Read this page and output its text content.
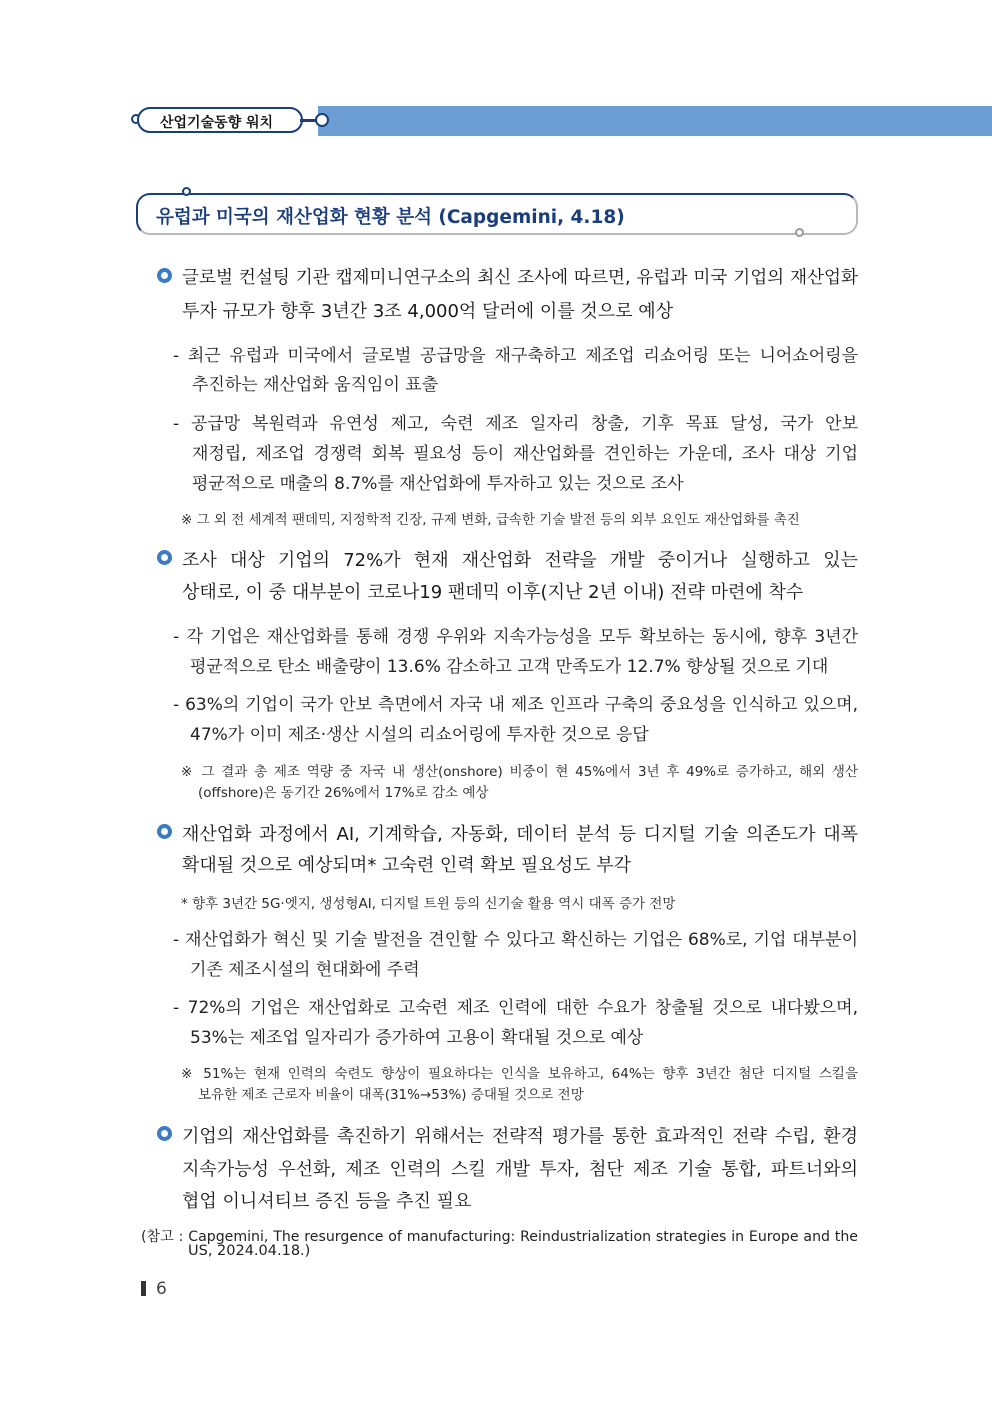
산업기술동향 워치
유럽과 미국의 재산업화 현황 분석 (Capgemini, 4.18)
글로벌 컨설팅 기관 캡제미니연구소의 최신 조사에 따르면, 유럽과 미국 기업의 재산업화
투자 규모가 향후 3년간 3조 4,000억 달러에 이를 것으로 예상
- 최근 유럽과 미국에서 글로벌 공급망을 재구축하고 제조업 리쇼어링 또는 니어쇼어링을
추진하는 재산업화 움직임이 표출
- 공급망 복원력과 유연성 제고, 숙련 제조 일자리 창출, 기후 목표 달성, 국가 안보
재정립, 제조업 경쟁력 회복 필요성 등이 재산업화를 견인하는 가운데, 조사 대상 기업
평균적으로 매출의 8.7%를 재산업화에 투자하고 있는 것으로 조사
※ 그 외 전 세계적 팬데믹, 지정학적 긴장, 규제 변화, 급속한 기술 발전 등의 외부 요인도 재산업화를 촉진
조사 대상 기업의 72%가 현재 재산업화 전략을 개발 중이거나 실행하고 있는
상태로, 이 중 대부분이 코로나19 팬데믹 이후(지난 2년 이내) 전략 마련에 착수
- 각 기업은 재산업화를 통해 경쟁 우위와 지속가능성을 모두 확보하는 동시에, 향후 3년간
평균적으로 탄소 배출량이 13.6% 감소하고 고객 만족도가 12.7% 향상될 것으로 기대
- 63%의 기업이 국가 안보 측면에서 자국 내 제조 인프라 구축의 중요성을 인식하고 있으며,
47%가 이미 제조·생산 시설의 리쇼어링에 투자한 것으로 응답
※ 그 결과 총 제조 역량 중 자국 내 생산(onshore) 비중이 현 45%에서 3년 후 49%로 증가하고, 해외 생산
(offshore)은 동기간 26%에서 17%로 감소 예상
재산업화 과정에서 AI, 기계학습, 자동화, 데이터 분석 등 디지털 기술 의존도가 대폭
확대될 것으로 예상되며* 고숙련 인력 확보 필요성도 부각
* 향후 3년간 5G·엣지, 생성형AI, 디지털 트윈 등의 신기술 활용 역시 대폭 증가 전망
- 재산업화가 혁신 및 기술 발전을 견인할 수 있다고 확신하는 기업은 68%로, 기업 대부분이
기존 제조시설의 현대화에 주력
- 72%의 기업은 재산업화로 고숙련 제조 인력에 대한 수요가 창출될 것으로 내다봤으며,
53%는 제조업 일자리가 증가하여 고용이 확대될 것으로 예상
※ 51%는 현재 인력의 숙련도 향상이 필요하다는 인식을 보유하고, 64%는 향후 3년간 첨단 디지털 스킬을
보유한 제조 근로자 비율이 대폭(31%→53%) 증대될 것으로 전망
기업의 재산업화를 촉진하기 위해서는 전략적 평가를 통한 효과적인 전략 수립, 환경
지속가능성 우선화, 제조 인력의 스킬 개발 투자, 첨단 제조 기술 통합, 파트너와의
협업 이니셔티브 증진 등을 추진 필요
(참고 : Capgemini, The resurgence of manufacturing: Reindustrialization strategies in Europe and the
US, 2024.04.18.)
6
